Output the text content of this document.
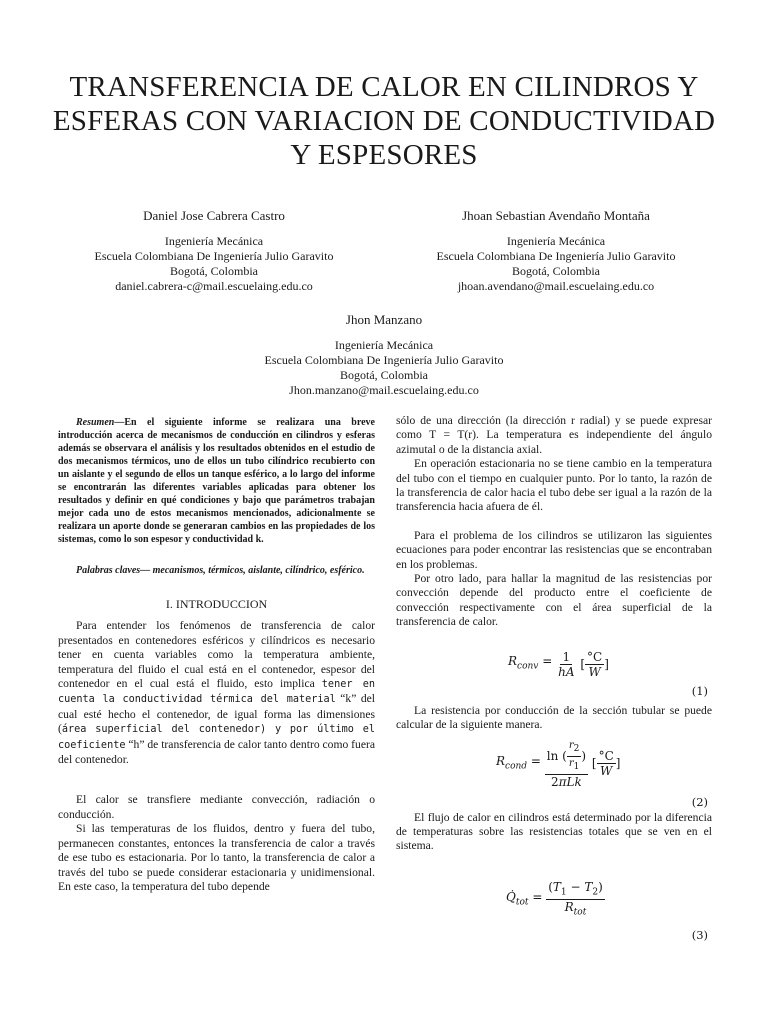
TRANSFERENCIA DE CALOR EN CILINDROS Y ESFERAS CON VARIACION DE CONDUCTIVIDAD Y ESPESORES
Daniel Jose Cabrera Castro
Ingeniería Mecánica
Escuela Colombiana De Ingeniería Julio Garavito
Bogotá, Colombia
daniel.cabrera-c@mail.escuelaing.edu.co
Jhoan Sebastian Avendaño Montaña
Ingeniería Mecánica
Escuela Colombiana De Ingeniería Julio Garavito
Bogotá, Colombia
jhoan.avendano@mail.escuelaing.edu.co
Jhon Manzano
Ingeniería Mecánica
Escuela Colombiana De Ingeniería Julio Garavito
Bogotá, Colombia
Jhon.manzano@mail.escuelaing.edu.co
Resumen—En el siguiente informe se realizara una breve introducción acerca de mecanismos de conducción en cilindros y esferas además se observara el análisis y los resultados obtenidos en el estudio de dos mecanismos térmicos, uno de ellos un tubo cilíndrico recubierto con un aislante y el segundo de ellos un tanque esférico, a lo largo del informe se encontrarán las diferentes variables aplicadas para obtener los resultados y definir en qué condiciones y bajo que parámetros trabajan mejor cada uno de estos mecanismos mencionados, adicionalmente se realizara un aporte donde se generaran cambios en las propiedades de los sistemas, como lo son espesor y conductividad k.
Palabras claves— mecanismos, térmicos, aislante, cilíndrico, esférico.
I. INTRODUCCION

Para entender los fenómenos de transferencia de calor presentados en contenedores esféricos y cilíndricos es necesario tener en cuenta variables como la temperatura ambiente, temperatura del fluido el cual está en el contenedor, espesor del contenedor en el cual está el fluido, esto implica tener en cuenta la conductividad térmica del material “k” del cual esté hecho el contenedor, de igual forma las dimensiones (área superficial del contenedor) y por último el coeficiente “h” de transferencia de calor tanto dentro como fuera del contenedor.

El calor se transfiere mediante convección, radiación o conducción.

Si las temperaturas de los fluidos, dentro y fuera del tubo, permanecen constantes, entonces la transferencia de calor a través de ese tubo es estacionaria. Por lo tanto, la transferencia de calor a través del tubo se puede considerar estacionaria y unidimensional. En este caso, la temperatura del tubo depende

sólo de una dirección (la dirección r radial) y se puede expresar como T = T(r). La temperatura es independiente del ángulo azimutal o de la distancia axial.

En operación estacionaria no se tiene cambio en la temperatura del tubo con el tiempo en cualquier punto. Por lo tanto, la razón de la transferencia de calor hacia el tubo debe ser igual a la razón de la transferencia hacia afuera de él.

Para el problema de los cilindros se utilizaron las siguientes ecuaciones para poder encontrar las resistencias que se encontraban en los problemas.

Por otro lado, para hallar la magnitud de las resistencias por convección depende del producto entre el coeficiente de convección respectivamente con el área superficial de la transferencia de calor.

$R_{conv} = \frac{1}{hA}$ [ $\frac{^\circ C}{W}$ ]
(1)

La resistencia por conducción de la sección tubular se puede calcular de la siguiente manera.

$R_{cond} = \frac{\ln ( \frac{r_2}{r_1} )}{\text{2πLk}}$ [ $\frac{^\circ C}{W}$ ]
(2)

El flujo de calor en cilindros está determinado por la diferencia de temperaturas sobre las resistencias totales que se ven en el sistema.

$Q̇_{tot} = \frac{(T_1 - T_2)}{R_{tot}}$
(3)
